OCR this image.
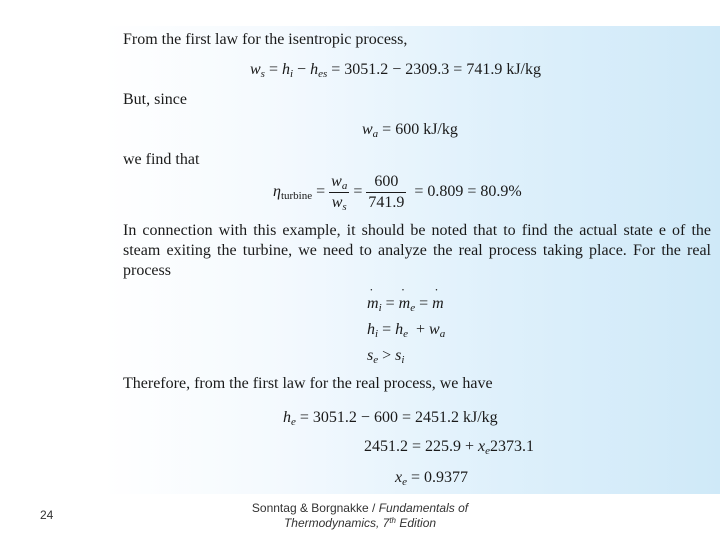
From the first law for the isentropic process,
$w_s = h_i - h_{es} = 3051.2 - 2309.3 = 741.9$ kJ/kg
But, since
$w_a = 600$ kJ/kg
we find that
$\eta_{turbine} = \frac{w_a}{w_s} = \frac{600}{741.9} = 0.809 = 80.9\%$
In connection with this example, it should be noted that to find the actual state e of the steam exiting the turbine, we need to analyze the real process taking place. For the real process
m $˙_i = m$ $˙_e = m$ ˙
$h_i = h_e + w_a$
$s_e > s_i$
Therefore, from the first law for the real process, we have
$h_e = 3051.2 - 600 = 2451.2$ kJ/kg
$2451.2 = 225.9 + x_e2373.1$
$x_e = 0.9377$
24	Sonntag & Borgnakke / Fundamentals of
Thermodynamics, 7th Edition
